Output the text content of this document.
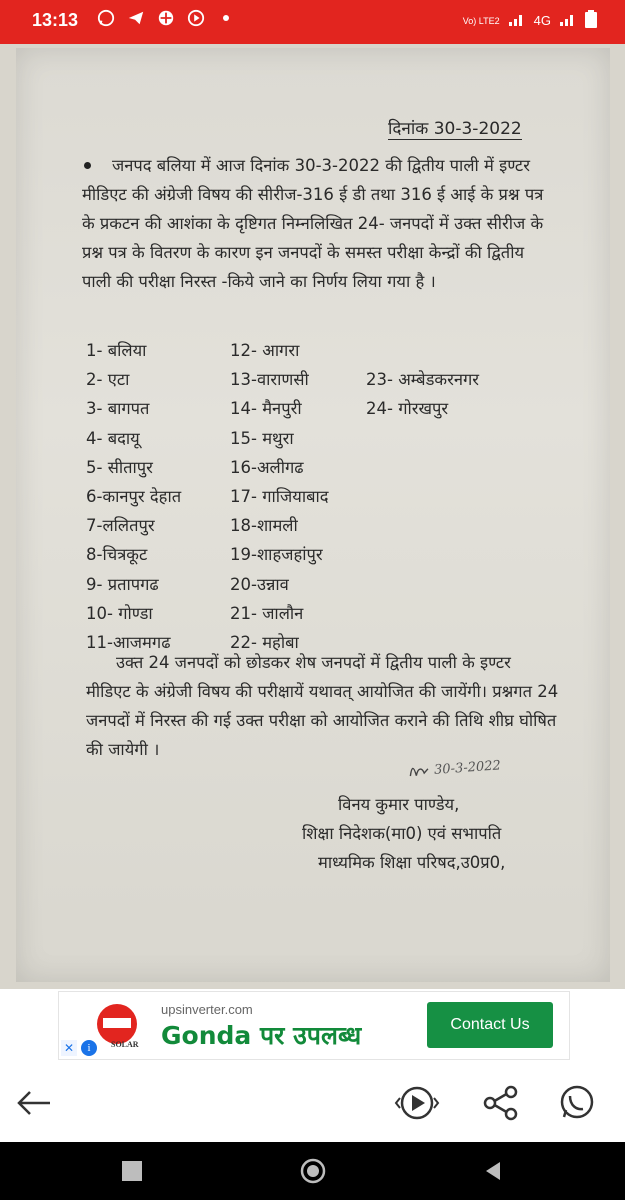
13:13	Vo) LTE2	4G
दिनांक 30-3-2022
जनपद बलिया में आज दिनांक 30-3-2022 की द्वितीय पाली में इण्टर मीडिएट की अंग्रेजी विषय की सीरीज-316 ई डी तथा 316 ई आई के प्रश्न पत्र के प्रकटन की आशंका के दृष्टिगत निम्नलिखित 24- जनपदों में उक्त सीरीज के प्रश्न पत्र के वितरण के कारण इन जनपदों के समस्त परीक्षा केन्द्रों की द्वितीय पाली की परीक्षा निरस्त -किये जाने का निर्णय लिया गया है ।
1- बलिया
2- एटा
3- बागपत
4- बदायू
5- सीतापुर
6-कानपुर देहात
7-ललितपुर
8-चित्रकूट
9- प्रतापगढ
10- गोण्डा
11-आजमगढ
12- आगरा
13-वाराणसी
14- मैनपुरी
15- मथुरा
16-अलीगढ
17- गाजियाबाद
18-शामली
19-शाहजहांपुर
20-उन्नाव
21- जालौन
22- महोबा
23- अम्बेडकरनगर
24- गोरखपुर
उक्त 24 जनपदों को छोडकर शेष जनपदों में द्वितीय पाली के इण्टर मीडिएट के अंग्रेजी विषय की परीक्षायें यथावत् आयोजित की जायेंगी। प्रश्नगत 24 जनपदों में निरस्त की गई उक्त परीक्षा को आयोजित कराने की तिथि शीघ्र घोषित की जायेगी ।
30-3-2022
विनय कुमार पाण्डेय,
शिक्षा निदेशक(मा0) एवं सभापति
माध्यमिक शिक्षा परिषद,उ0प्र0,
SOLAR
✕	i
upsinverter.com
Gonda पर उपलब्ध	Contact Us
